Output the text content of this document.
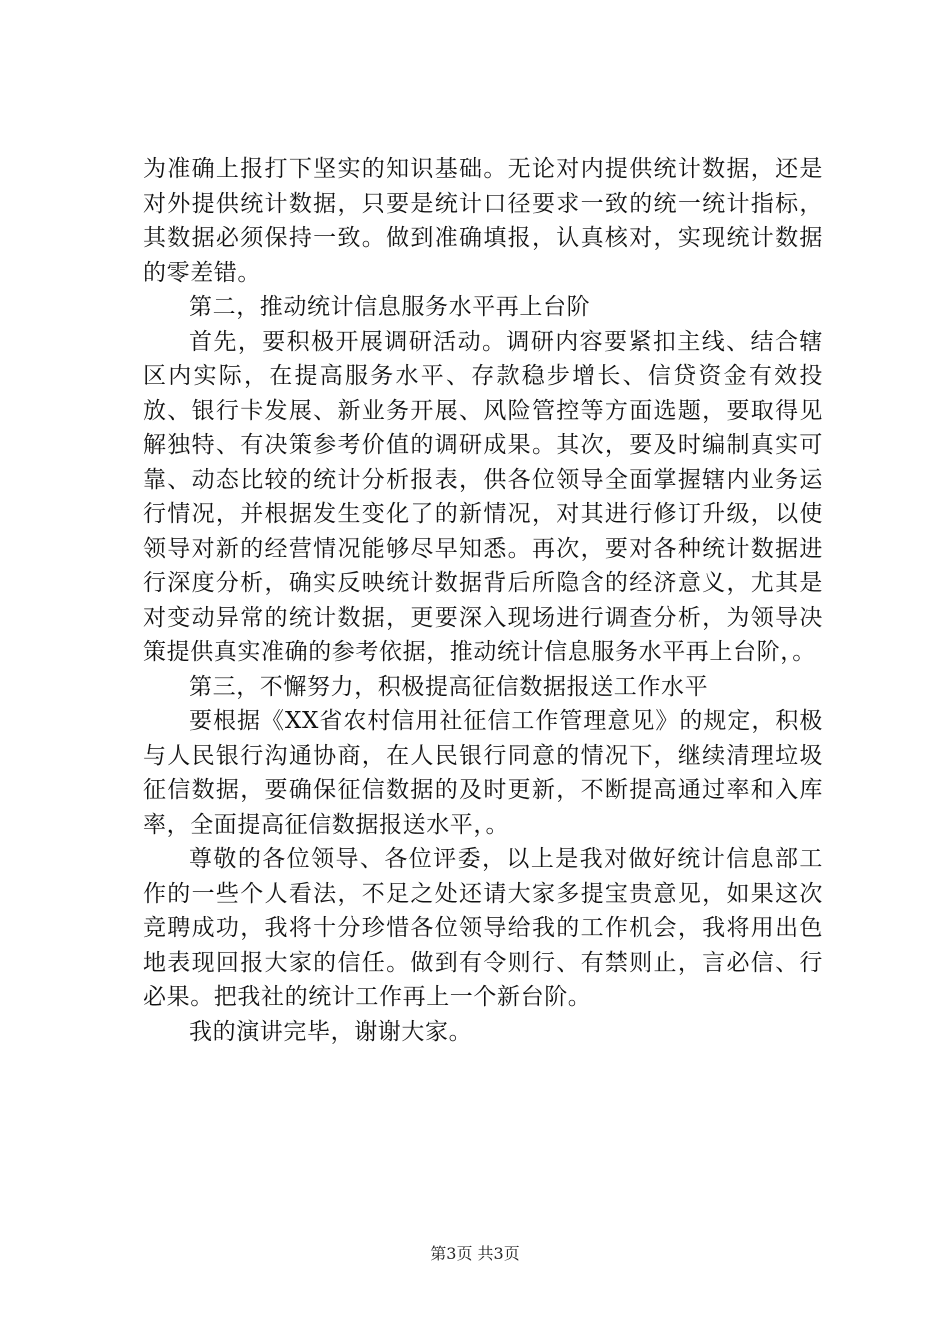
为准确上报打下坚实的知识基础。无论对内提供统计数据，还是对外提供统计数据，只要是统计口径要求一致的统一统计指标，其数据必须保持一致。做到准确填报，认真核对，实现统计数据的零差错。

第二，推动统计信息服务水平再上台阶

首先，要积极开展调研活动。调研内容要紧扣主线、结合辖区内实际，在提高服务水平、存款稳步增长、信贷资金有效投放、银行卡发展、新业务开展、风险管控等方面选题，要取得见解独特、有决策参考价值的调研成果。其次，要及时编制真实可靠、动态比较的统计分析报表，供各位领导全面掌握辖内业务运行情况，并根据发生变化了的新情况，对其进行修订升级，以使领导对新的经营情况能够尽早知悉。再次，要对各种统计数据进行深度分析，确实反映统计数据背后所隐含的经济意义，尤其是对变动异常的统计数据，更要深入现场进行调查分析，为领导决策提供真实准确的参考依据，推动统计信息服务水平再上台阶，。

第三，不懈努力，积极提高征信数据报送工作水平

要根据《XX省农村信用社征信工作管理意见》的规定，积极与人民银行沟通协商，在人民银行同意的情况下，继续清理垃圾征信数据，要确保征信数据的及时更新，不断提高通过率和入库率，全面提高征信数据报送水平，。

尊敬的各位领导、各位评委，以上是我对做好统计信息部工作的一些个人看法，不足之处还请大家多提宝贵意见，如果这次竞聘成功，我将十分珍惜各位领导给我的工作机会，我将用出色地表现回报大家的信任。做到有令则行、有禁则止，言必信、行必果。把我社的统计工作再上一个新台阶。

我的演讲完毕，谢谢大家。

第3页 共3页
